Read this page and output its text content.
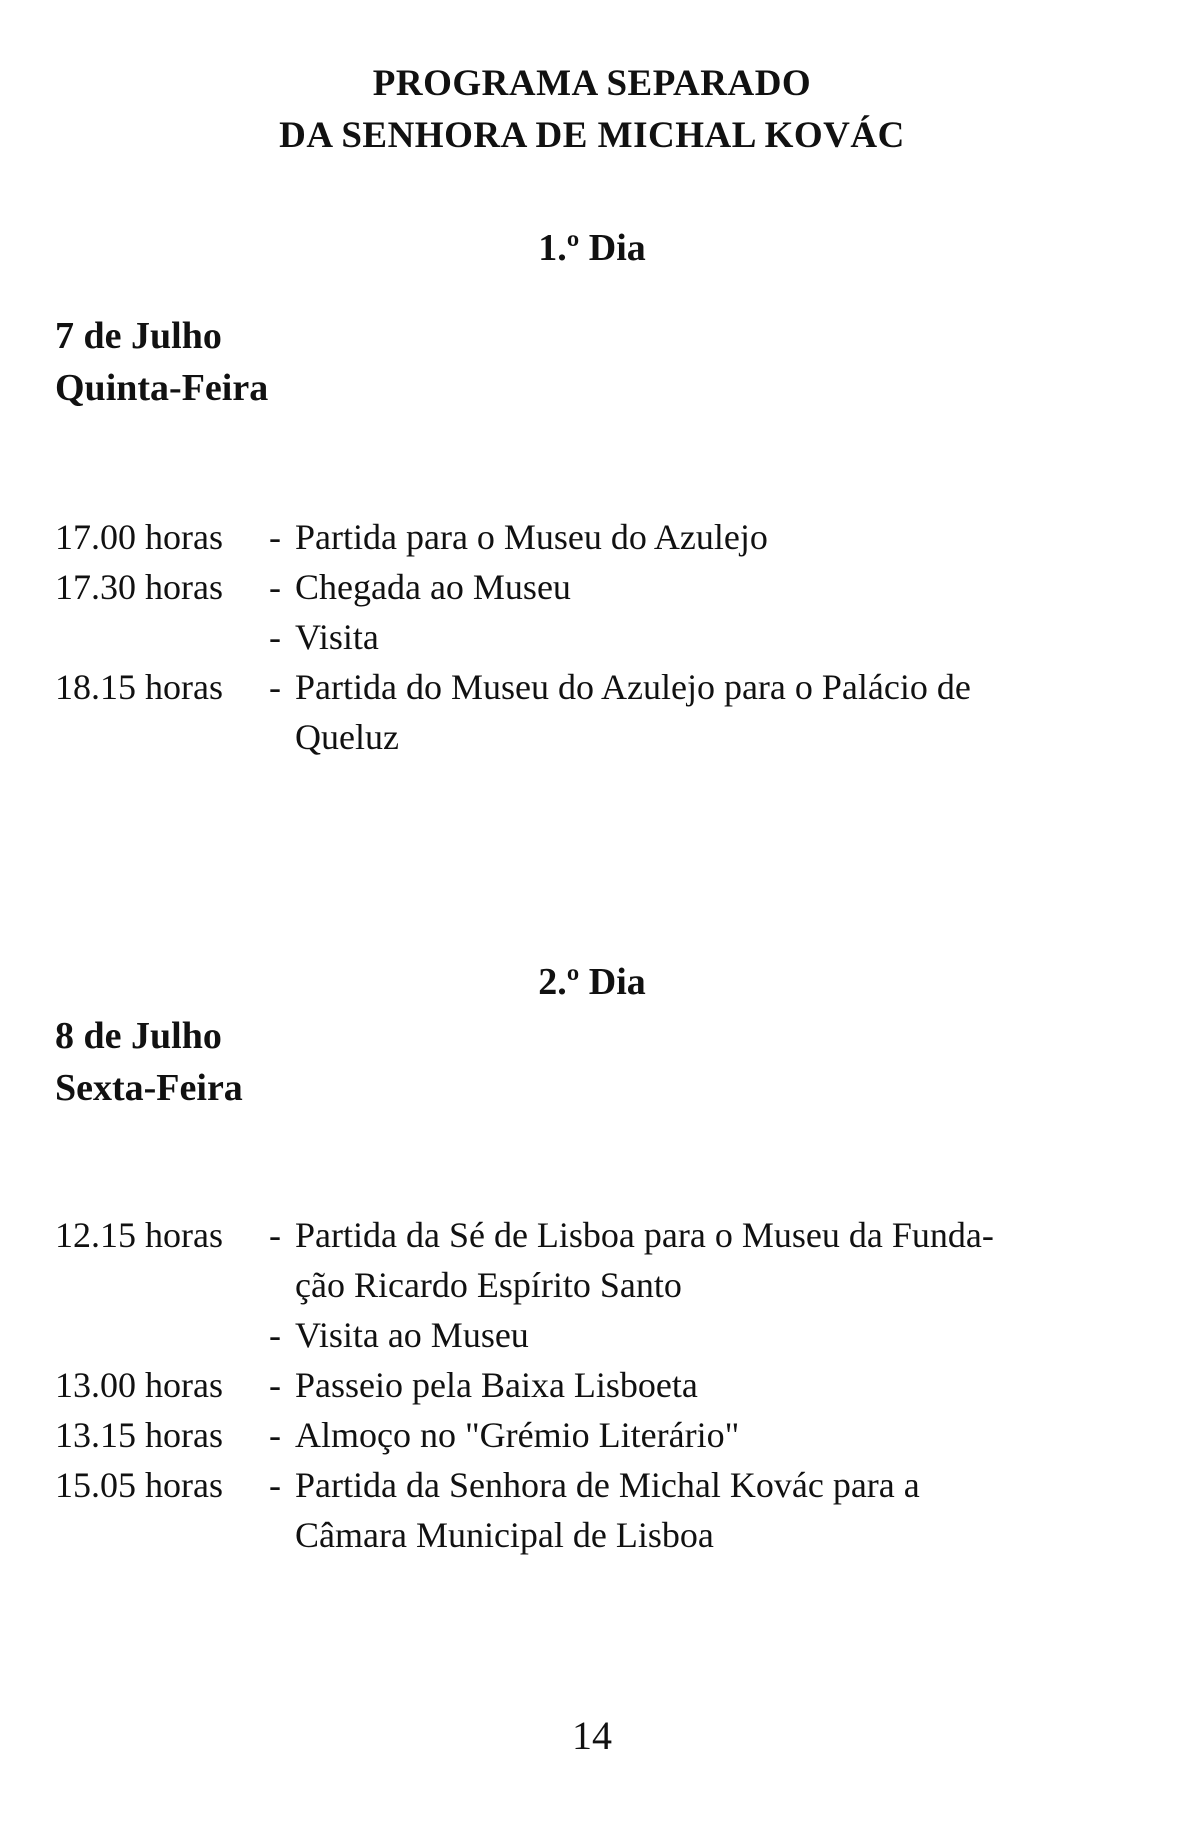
PROGRAMA SEPARADO
DA SENHORA DE MICHAL KOVÁC
1.º Dia
7 de Julho
Quinta-Feira
17.00 horas	- Partida para o Museu do Azulejo
17.30 horas	- Chegada ao Museu
- Visita
18.15 horas	- Partida do Museu do Azulejo para o Palácio de
Queluz
2.º Dia
8 de Julho
Sexta-Feira
12.15 horas	- Partida da Sé de Lisboa para o Museu da Funda-
ção Ricardo Espírito Santo
- Visita ao Museu
13.00 horas	- Passeio pela Baixa Lisboeta
13.15 horas	- Almoço no "Grémio Literário"
15.05 horas	- Partida da Senhora de Michal Kovác para a
Câmara Municipal de Lisboa
14
